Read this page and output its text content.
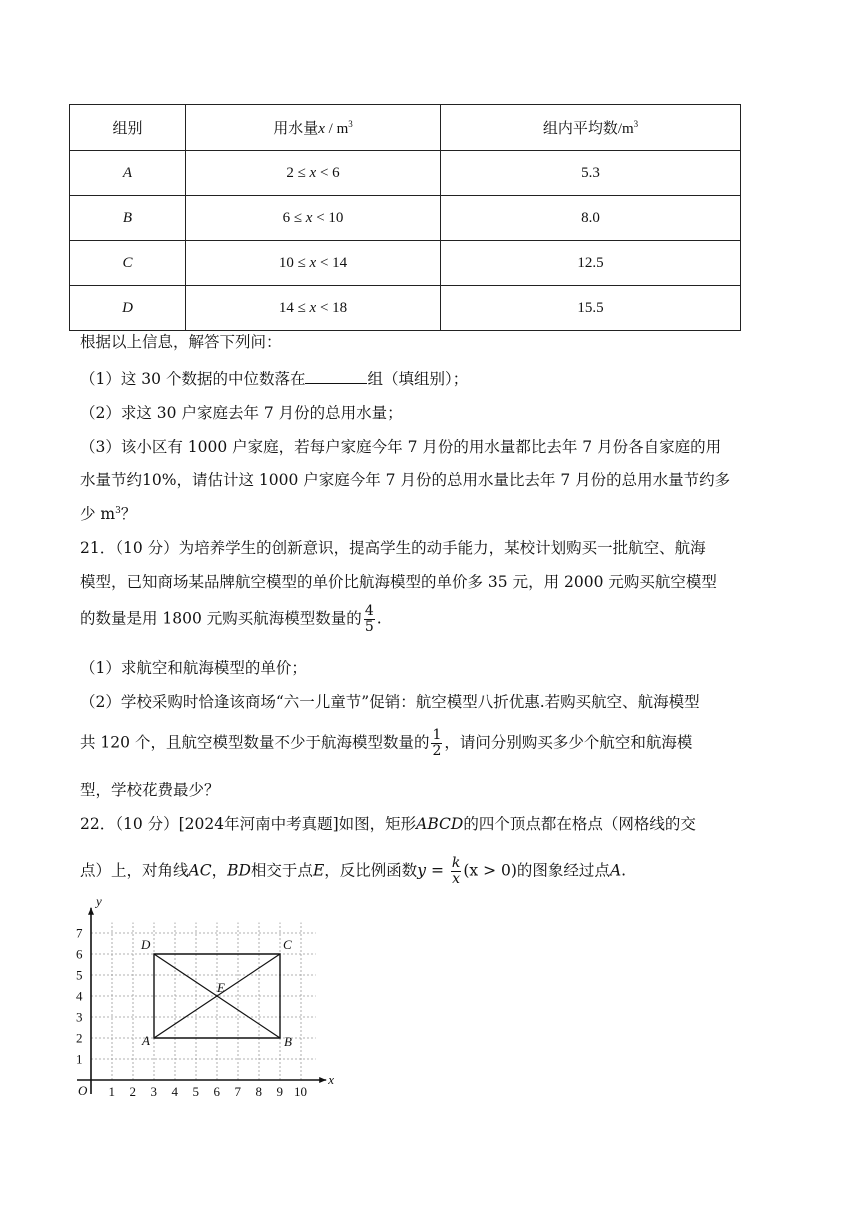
组别	用水量x / $m^3$	组内平均数$/m^3$
A	2 ≤ x < 6	5.3
B	6 ≤ x < 10	8.0
C	10 ≤ x < 14	12.5
D	14 ≤ x < 18	15.5
根据以上信息，解答下列问：
（1）这 30 个数据的中位数落在	组（填组别）；
（2）求这 30 户家庭去年 7 月份的总用水量；
（3）该小区有 1000 户家庭，若每户家庭今年 7 月份的用水量都比去年 7 月份各自家庭的用
水量节约10%，请估计这 1000 户家庭今年 7 月份的总用水量比去年 7 月份的总用水量节约多
少 $m^3$？
21．（10 分）为培养学生的创新意识，提高学生的动手能力，某校计划购买一批航空、航海
模型，已知商场某品牌航空模型的单价比航海模型的单价多 35 元，用 2000 元购买航空模型
的数量是用 1800 元购买航海模型数量的 $\frac{4}{5}$ .
（1）求航空和航海模型的单价；
（2）学校采购时恰逢该商场“六一儿童节”促销：航空模型八折优惠.若购买航空、航海模型
共 120 个，且航空模型数量不少于航海模型数量的 $\frac{1}{2}$ ，请问分别购买多少个航空和航海模
型，学校花费最少？
22．（10 分）[2024年河南中考真题]如图，矩形ABCD的四个顶点都在格点（网格线的交
点）上，对角线AC，BD相交于点E，反比例函数$y = \frac{k}{x} (x > 0)$的图象经过点A.
1 2 3 4 5 6 7 8 9 10
1
2
3
4
5
6
7
O
x
y
A	B
C
D
E
